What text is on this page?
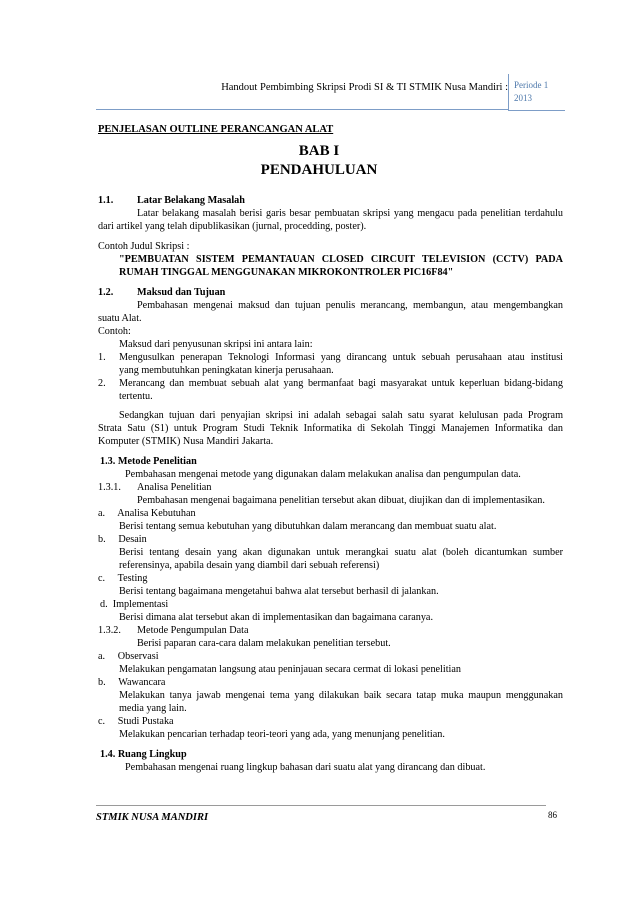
Handout Pembimbing Skripsi Prodi SI & TI STMIK Nusa Mandiri : Periode 1
2013
PENJELASAN OUTLINE PERANCANGAN ALAT
BAB I
PENDAHULUAN
1.1. Latar Belakang Masalah
Latar belakang masalah berisi garis besar pembuatan skripsi yang mengacu pada penelitian terdahulu
dari artikel yang telah dipublikasikan (jurnal, procedding, poster).
Contoh Judul Skripsi :
"PEMBUATAN SISTEM PEMANTAUAN CLOSED CIRCUIT TELEVISION (CCTV) PADA
RUMAH TINGGAL MENGGUNAKAN MIKROKONTROLER PIC16F84"
1.2. Maksud dan Tujuan
Pembahasan mengenai maksud dan tujuan penulis merancang, membangun, atau mengembangkan
suatu Alat.
Contoh:
Maksud dari penyusunan skripsi ini antara lain:
1. Mengusulkan penerapan Teknologi Informasi yang dirancang untuk sebuah perusahaan atau institusi
yang membutuhkan peningkatan kinerja perusahaan.
2. Merancang dan membuat sebuah alat yang bermanfaat bagi masyarakat untuk keperluan bidang-bidang
tertentu.
Sedangkan tujuan dari penyajian skripsi ini adalah sebagai salah satu syarat kelulusan pada Program
Strata Satu (S1) untuk Program Studi Teknik Informatika di Sekolah Tinggi Manajemen Informatika dan
Komputer (STMIK) Nusa Mandiri Jakarta.
1.3. Metode Penelitian
Pembahasan mengenai metode yang digunakan dalam melakukan analisa dan pengumpulan data.
1.3.1. Analisa Penelitian
Pembahasan mengenai bagaimana penelitian tersebut akan dibuat, diujikan dan di implementasikan.
a.     Analisa Kebutuhan
Berisi tentang semua kebutuhan yang dibutuhkan dalam merancang dan membuat suatu alat.
b.     Desain
Berisi tentang desain yang akan digunakan untuk merangkai suatu alat (boleh dicantumkan sumber
referensinya, apabila desain yang diambil dari sebuah referensi)
c.     Testing
Berisi tentang bagaimana mengetahui bahwa alat tersebut berhasil di jalankan.
d.  Implementasi
Berisi dimana alat tersebut akan di implementasikan dan bagaimana caranya.
1.3.2. Metode Pengumpulan Data
Berisi paparan cara-cara dalam melakukan penelitian tersebut.
a.     Observasi
Melakukan pengamatan langsung atau peninjauan secara cermat di lokasi penelitian
b.     Wawancara
Melakukan tanya jawab mengenai tema yang dilakukan baik secara tatap muka maupun menggunakan
media yang lain.
c.     Studi Pustaka
Melakukan pencarian terhadap teori-teori yang ada, yang menunjang penelitian.
1.4. Ruang Lingkup
Pembahasan mengenai ruang lingkup bahasan dari suatu alat yang dirancang dan dibuat.
STMIK NUSA MANDIRI	86
